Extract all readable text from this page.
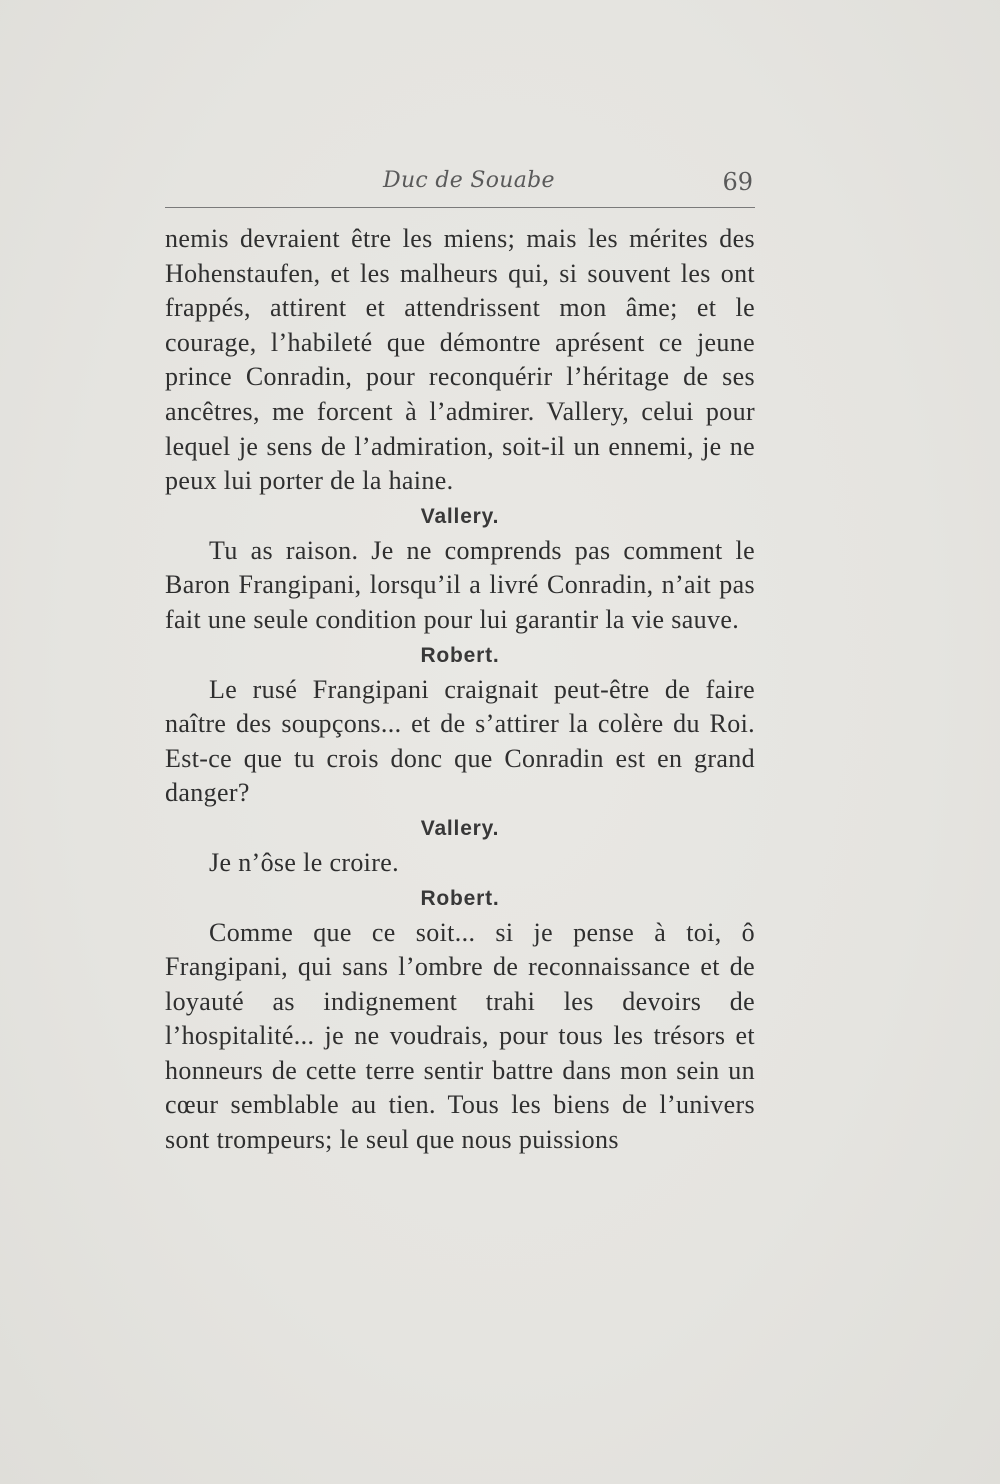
Duc de Souabe	69

nemis devraient être les miens; mais les mérites des Hohenstaufen, et les malheurs qui, si souvent les ont frappés, attirent et attendrissent mon âme; et le courage, l’habileté que démontre aprésent ce jeune prince Conradin, pour reconquérir l’héritage de ses ancêtres, me forcent à l’admirer. Vallery, celui pour lequel je sens de l’admiration, soit-il un ennemi, je ne peux lui porter de la haine.

Vallery.

Tu as raison. Je ne comprends pas comment le Baron Frangipani, lorsqu’il a livré Conradin, n’ait pas fait une seule condition pour lui garantir la vie sauve.

Robert.

Le rusé Frangipani craignait peut-être de faire naître des soupçons... et de s’attirer la colère du Roi. Est-ce que tu crois donc que Conradin est en grand danger?

Vallery.

Je n’ôse le croire.

Robert.

Comme que ce soit... si je pense à toi, ô Frangipani, qui sans l’ombre de reconnaissance et de loyauté as indignement trahi les devoirs de l’hospitalité... je ne voudrais, pour tous les trésors et honneurs de cette terre sentir battre dans mon sein un cœur semblable au tien. Tous les biens de l’univers sont trompeurs; le seul que nous puissions
